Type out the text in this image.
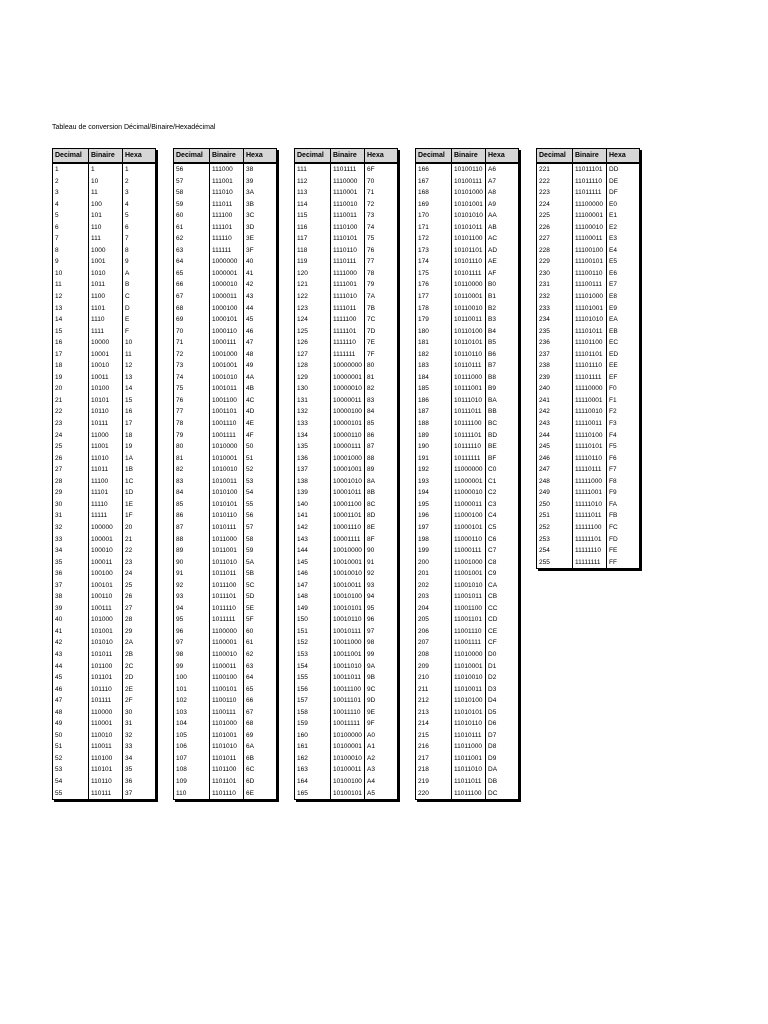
Tableau de conversion Décimal/Binaire/Hexadécimal
Decimal	Binaire	Hexa
1	1	1
2	10	2
3	11	3
4	100	4
5	101	5
6	110	6
7	111	7
8	1000	8
9	1001	9
10	1010	A
11	1011	B
12	1100	C
13	1101	D
14	1110	E
15	1111	F
16	10000	10
17	10001	11
18	10010	12
19	10011	13
20	10100	14
21	10101	15
22	10110	16
23	10111	17
24	11000	18
25	11001	19
26	11010	1A
27	11011	1B
28	11100	1C
29	11101	1D
30	11110	1E
31	11111	1F
32	100000	20
33	100001	21
34	100010	22
35	100011	23
36	100100	24
37	100101	25
38	100110	26
39	100111	27
40	101000	28
41	101001	29
42	101010	2A
43	101011	2B
44	101100	2C
45	101101	2D
46	101110	2E
47	101111	2F
48	110000	30
49	110001	31
50	110010	32
51	110011	33
52	110100	34
53	110101	35
54	110110	36
55	110111	37
Decimal	Binaire	Hexa
56	111000	38
57	111001	39
58	111010	3A
59	111011	3B
60	111100	3C
61	111101	3D
62	111110	3E
63	111111	3F
64	1000000	40
65	1000001	41
66	1000010	42
67	1000011	43
68	1000100	44
69	1000101	45
70	1000110	46
71	1000111	47
72	1001000	48
73	1001001	49
74	1001010	4A
75	1001011	4B
76	1001100	4C
77	1001101	4D
78	1001110	4E
79	1001111	4F
80	1010000	50
81	1010001	51
82	1010010	52
83	1010011	53
84	1010100	54
85	1010101	55
86	1010110	56
87	1010111	57
88	1011000	58
89	1011001	59
90	1011010	5A
91	1011011	5B
92	1011100	5C
93	1011101	5D
94	1011110	5E
95	1011111	5F
96	1100000	60
97	1100001	61
98	1100010	62
99	1100011	63
100	1100100	64
101	1100101	65
102	1100110	66
103	1100111	67
104	1101000	68
105	1101001	69
106	1101010	6A
107	1101011	6B
108	1101100	6C
109	1101101	6D
110	1101110	6E
Decimal	Binaire	Hexa
111	1101111	6F
112	1110000	70
113	1110001	71
114	1110010	72
115	1110011	73
116	1110100	74
117	1110101	75
118	1110110	76
119	1110111	77
120	1111000	78
121	1111001	79
122	1111010	7A
123	1111011	7B
124	1111100	7C
125	1111101	7D
126	1111110	7E
127	1111111	7F
128	10000000 80
129	10000001 81
130	10000010 82
131	10000011 83
132	10000100 84
133	10000101 85
134	10000110 86
135	10000111 87
136	10001000 88
137	10001001 89
138	10001010 8A
139	10001011 8B
140	10001100 8C
141	10001101 8D
142	10001110 8E
143	10001111	8F
144	10010000 90
145	10010001 91
146	10010010 92
147	10010011 93
148	10010100 94
149	10010101 95
150	10010110 96
151	10010111 97
152	10011000 98
153	10011001 99
154	10011010 9A
155	10011011 9B
156	10011100 9C
157	10011101 9D
158	10011110	9E
159	10011111	9F
160	10100000 A0
161	10100001 A1
162	10100010 A2
163	10100011 A3
164	10100100 A4
165	10100101 A5
Decimal	Binaire	Hexa
166	10100110 A6
167	10100111 A7
168	10101000 A8
169	10101001 A9
170	10101010 AA
171	10101011 AB
172	10101100 AC
173	10101101 AD
174	10101110 AE
175	10101111	AF
176	10110000 B0
177	10110001 B1
178	10110010 B2
179	10110011 B3
180	10110100 B4
181	10110101 B5
182	10110110 B6
183	10110111	B7
184	10111000 B8
185	10111001 B9
186	10111010 BA
187	10111011	BB
188	10111100	BC
189	10111101	BD
190	10111110	BE
191	10111111	BF
192	11000000 C0
193	11000001 C1
194	11000010 C2
195	11000011 C3
196	11000100 C4
197	11000101 C5
198	11000110 C6
199	11000111	C7
200	11001000 C8
201	11001001 C9
202	11001010 CA
203	11001011 CB
204	11001100 CC
205	11001101 CD
206	11001110	CE
207	11001111	CF
208	11010000 D0
209	11010001 D1
210	11010010 D2
211	11010011 D3
212	11010100 D4
213	11010101 D5
214	11010110 D6
215	11010111	D7
216	11011000 D8
217	11011001 D9
218	11011010 DA
219	11011011	DB
220	11011100	DC
Decimal	Binaire	Hexa
221	11011101	DD
222	11011110	DE
223	11011111	DF
224	11100000 E0
225	11100001 E1
226	11100010 E2
227	11100011	E3
228	11100100 E4
229	11100101 E5
230	11100110	E6
231	11100111	E7
232	11101000 E8
233	11101001 E9
234	11101010 EA
235	11101011	EB
236	11101100	EC
237	11101101	ED
238	11101110	EE
239	11101111	EF
240	11110000	F0
241	11110001	F1
242	11110010	F2
243	11110011	F3
244	11110100	F4
245	11110101	F5
246	11110110	F6
247	11110111	F7
248	11111000	F8
249	11111001	F9
250	11111010	FA
251	11111011	FB
252	11111100	FC
253	11111101	FD
254	11111110	FE
255	11111111	FF
